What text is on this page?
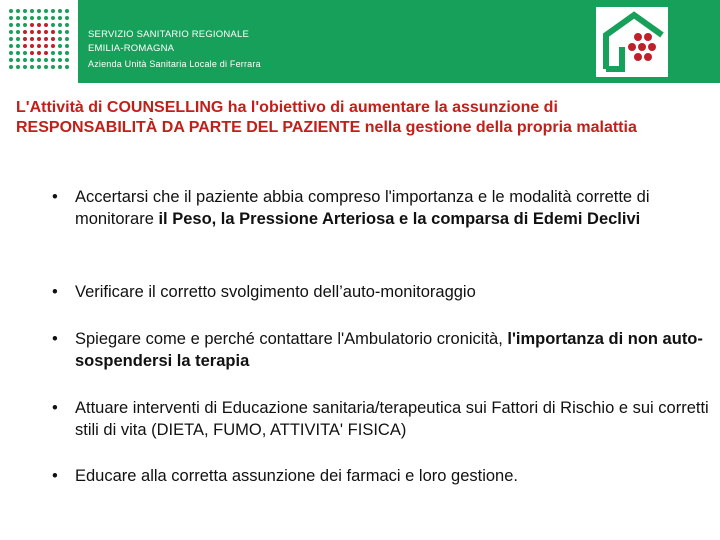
SERVIZIO SANITARIO REGIONALE
EMILIA-ROMAGNA
Azienda Unità Sanitaria Locale di Ferrara
L'Attività di COUNSELLING ha l'obiettivo di aumentare la assunzione di RESPONSABILITÀ DA PARTE DEL PAZIENTE nella gestione della propria malattia
• Accertarsi che il paziente abbia compreso l'importanza e le modalità corrette di monitorare il Peso, la Pressione Arteriosa e la comparsa di Edemi Declivi
• Verificare il corretto svolgimento dell’auto-monitoraggio
• Spiegare come e perché contattare l'Ambulatorio cronicità, l'importanza di non auto-sospendersi la terapia
• Attuare interventi di Educazione sanitaria/terapeutica sui Fattori di Rischio e sui corretti stili di vita (DIETA, FUMO, ATTIVITA' FISICA)
• Educare alla corretta assunzione dei farmaci e loro gestione.
